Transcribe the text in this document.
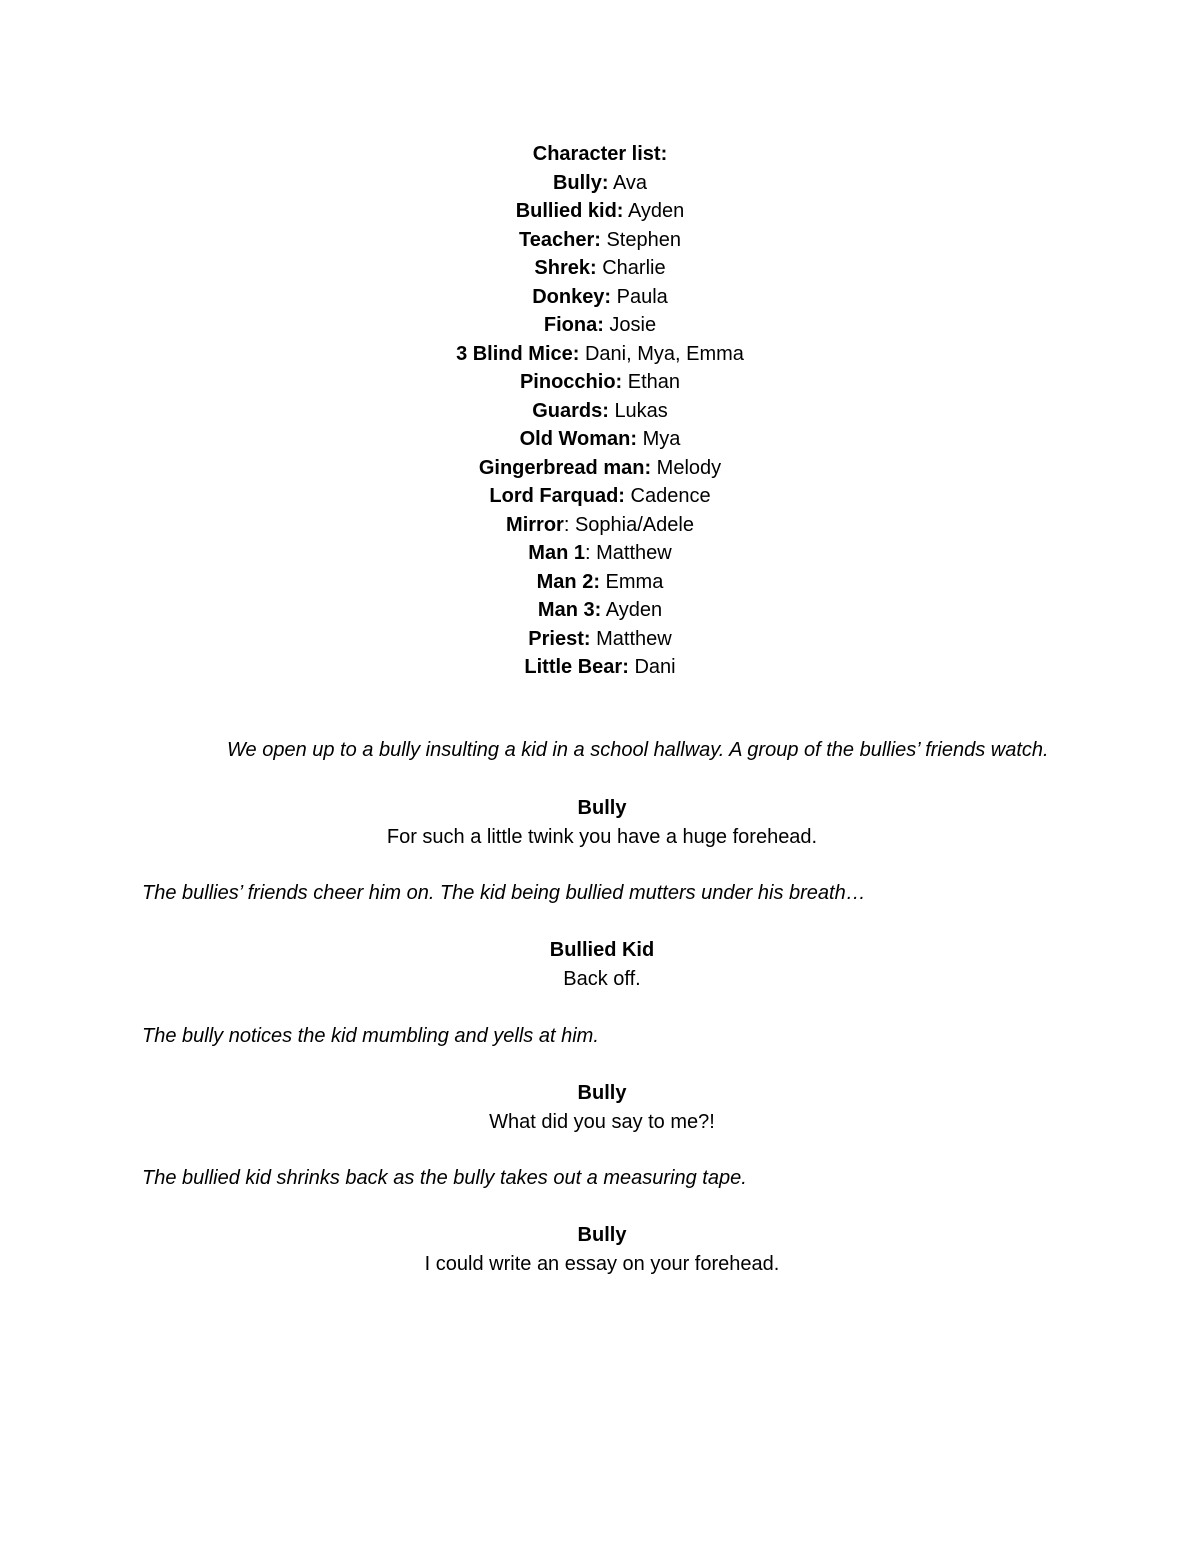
Character list:
Bully: Ava
Bullied kid: Ayden
Teacher: Stephen
Shrek: Charlie
Donkey: Paula
Fiona: Josie
3 Blind Mice: Dani, Mya, Emma
Pinocchio: Ethan
Guards: Lukas
Old Woman: Mya
Gingerbread man: Melody
Lord Farquad: Cadence
Mirror: Sophia/Adele
Man 1: Matthew
Man 2: Emma
Man 3: Ayden
Priest: Matthew
Little Bear: Dani

We open up to a bully insulting a kid in a school hallway. A group of the bullies’ friends watch.

Bully
For such a little twink you have a huge forehead.

The bullies’ friends cheer him on. The kid being bullied mutters under his breath…

Bullied Kid
Back off.

The bully notices the kid mumbling and yells at him.

Bully
What did you say to me?!

The bullied kid shrinks back as the bully takes out a measuring tape.

Bully
I could write an essay on your forehead.
